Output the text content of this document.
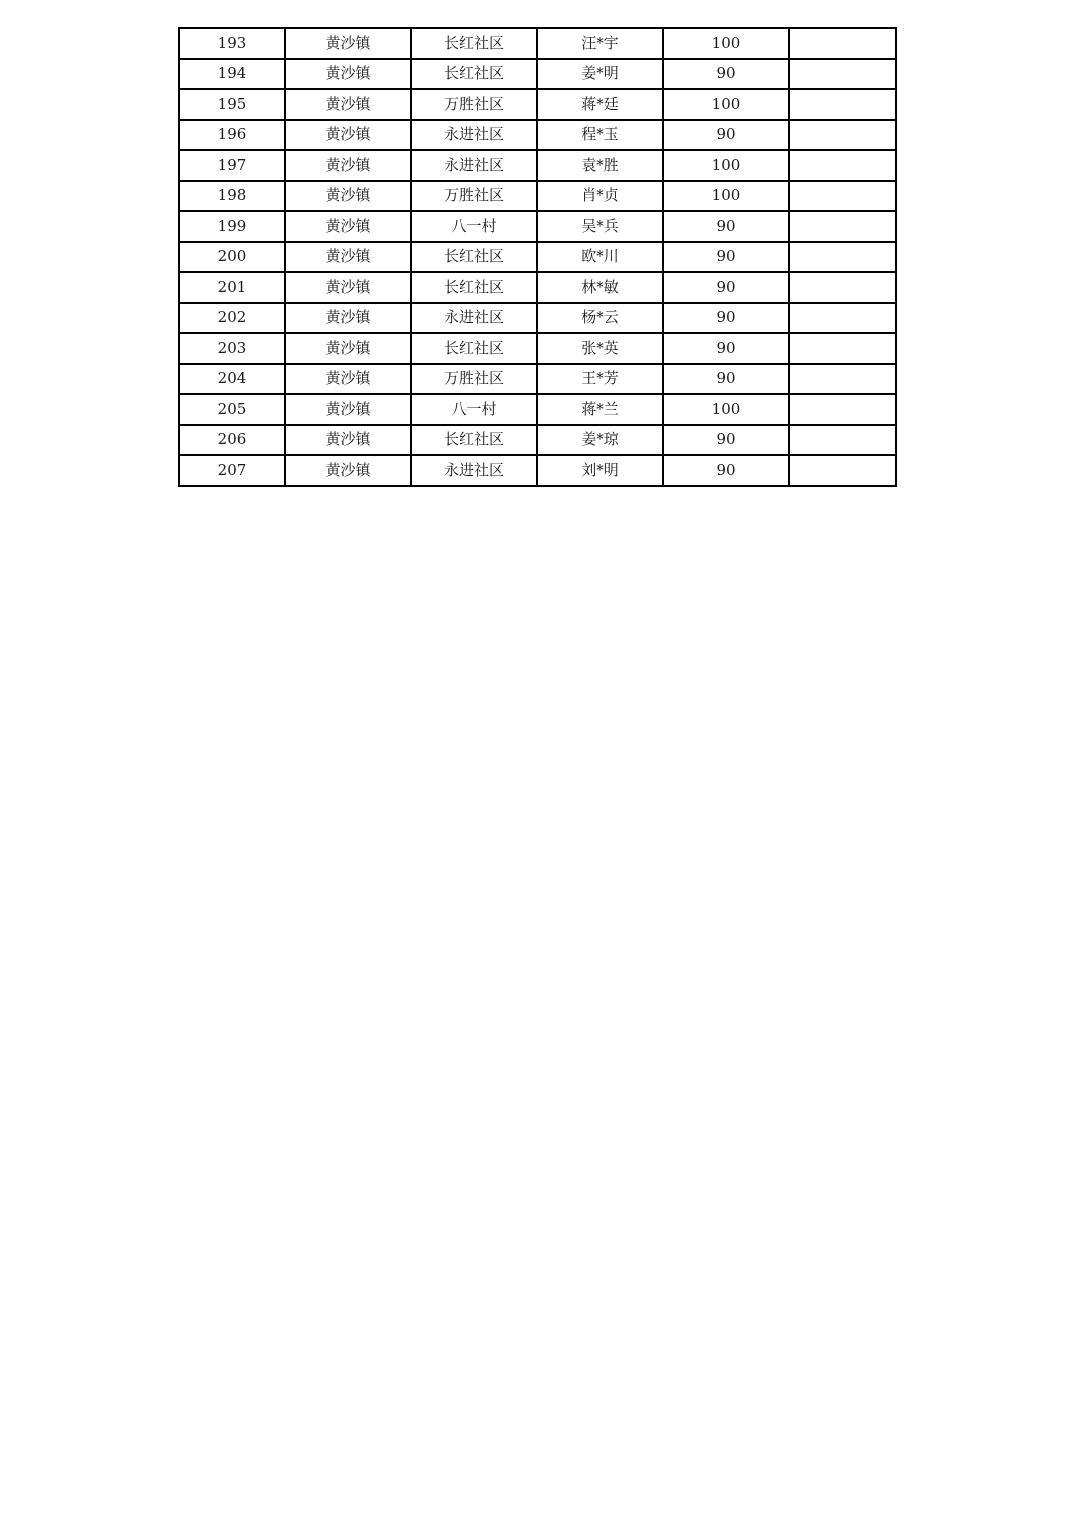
193	黄沙镇	长红社区	汪*宇	100	
194	黄沙镇	长红社区	姜*明	90	
195	黄沙镇	万胜社区	蒋*廷	100	
196	黄沙镇	永进社区	程*玉	90	
197	黄沙镇	永进社区	袁*胜	100	
198	黄沙镇	万胜社区	肖*贞	100	
199	黄沙镇	八一村	吴*兵	90	
200	黄沙镇	长红社区	欧*川	90	
201	黄沙镇	长红社区	林*敏	90	
202	黄沙镇	永进社区	杨*云	90	
203	黄沙镇	长红社区	张*英	90	
204	黄沙镇	万胜社区	王*芳	90	
205	黄沙镇	八一村	蒋*兰	100	
206	黄沙镇	长红社区	姜*琼	90	
207	黄沙镇	永进社区	刘*明	90	
